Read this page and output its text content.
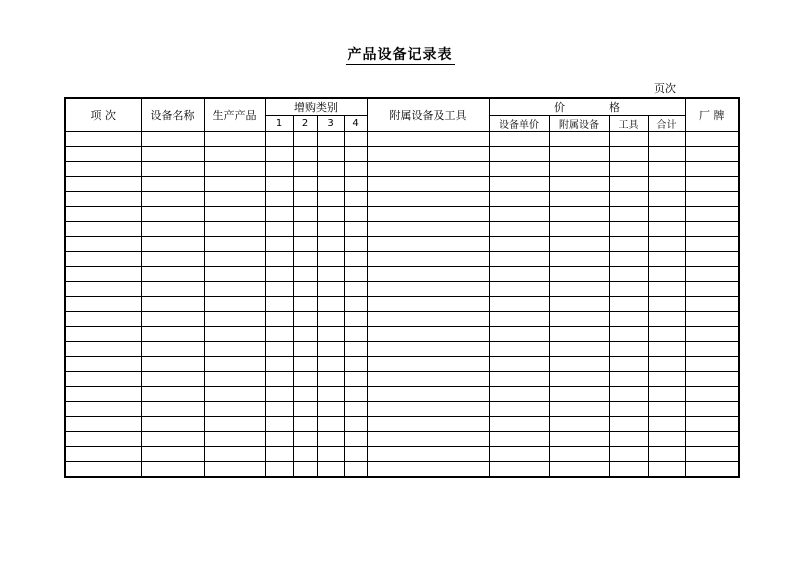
产品设备记录表
页次
项 次	设备名称	生产产品	增购类别				附属设备及工具	价　　　　格				厂 牌
			1	2	3	4		设备单价	附属设备	工具	合计	
